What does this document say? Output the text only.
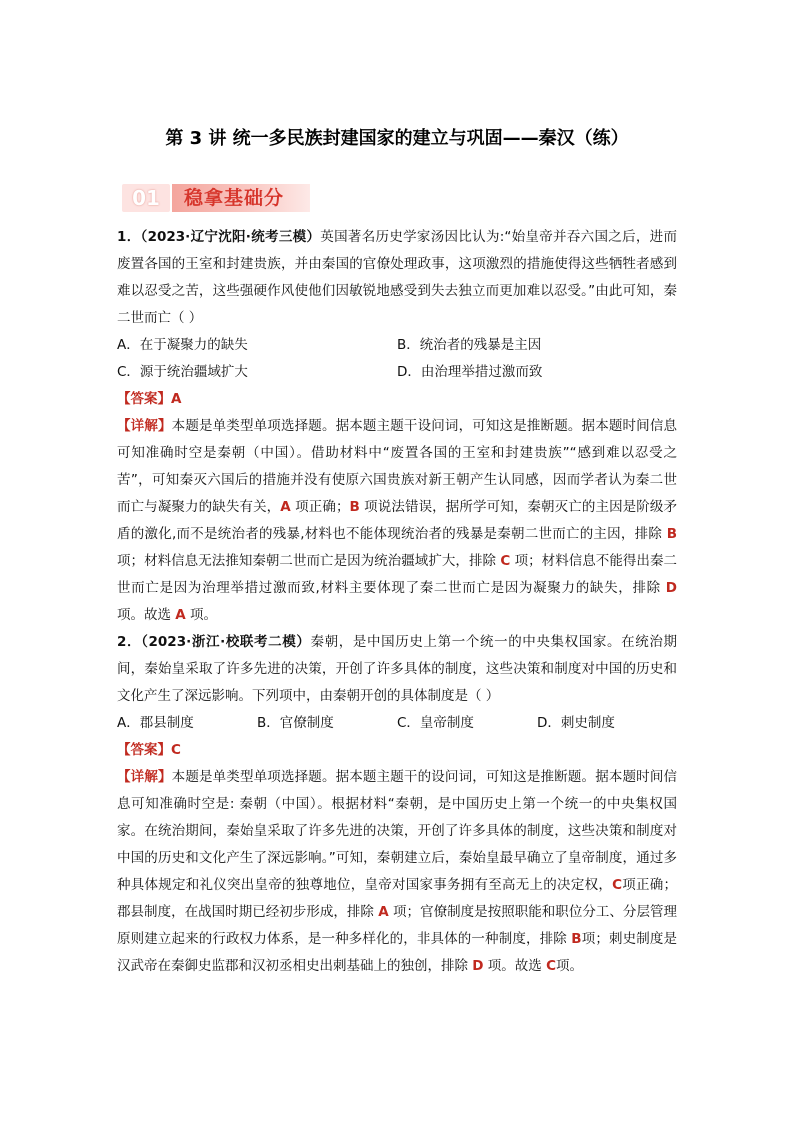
第 3 讲 统一多民族封建国家的建立与巩固——秦汉（练）
01	稳拿基础分

1．（2023·辽宁沈阳·统考三模）英国著名历史学家汤因比认为:“始皇帝并吞六国之后，进而废置各国的王室和封建贵族，并由秦国的官僚处理政事，这项激烈的措施使得这些牺牲者感到难以忍受之苦，这些强硬作风使他们因敏锐地感受到失去独立而更加难以忍受。”由此可知，秦二世而亡（ ）

A．在于凝聚力的缺失	B．统治者的残暴是主因
C．源于统治疆域扩大	D．由治理举措过激而致

【答案】A

【详解】本题是单类型单项选择题。据本题主题干设问词，可知这是推断题。据本题时间信息可知准确时空是秦朝（中国）。借助材料中“废置各国的王室和封建贵族”“感到难以忍受之苦”，可知秦灭六国后的措施并没有使原六国贵族对新王朝产生认同感，因而学者认为秦二世而亡与凝聚力的缺失有关，A 项正确；B 项说法错误，据所学可知，秦朝灭亡的主因是阶级矛盾的激化,而不是统治者的残暴,材料也不能体现统治者的残暴是秦朝二世而亡的主因，排除 B 项；材料信息无法推知秦朝二世而亡是因为统治疆域扩大，排除 C 项；材料信息不能得出秦二世而亡是因为治理举措过激而致,材料主要体现了秦二世而亡是因为凝聚力的缺失，排除 D 项。故选 A 项。

2．（2023·浙江·校联考二模）秦朝，是中国历史上第一个统一的中央集权国家。在统治期间，秦始皇采取了许多先进的决策，开创了许多具体的制度，这些决策和制度对中国的历史和文化产生了深远影响。下列项中，由秦朝开创的具体制度是（ ）

A．郡县制度	B．官僚制度	C．皇帝制度	D．刺史制度

【答案】C

【详解】本题是单类型单项选择题。据本题主题干的设问词，可知这是推断题。据本题时间信息可知准确时空是: 秦朝（中国）。根据材料“秦朝，是中国历史上第一个统一的中央集权国家。在统治期间，秦始皇采取了许多先进的决策，开创了许多具体的制度，这些决策和制度对中国的历史和文化产生了深远影响。”可知，秦朝建立后，秦始皇最早确立了皇帝制度，通过多种具体规定和礼仪突出皇帝的独尊地位，皇帝对国家事务拥有至高无上的决定权，C项正确；郡县制度，在战国时期已经初步形成，排除 A 项；官僚制度是按照职能和职位分工、分层管理原则建立起来的行政权力体系，是一种多样化的，非具体的一种制度，排除 B项；刺史制度是汉武帝在秦御史监郡和汉初丞相史出刺基础上的独创，排除 D 项。故选 C项。
